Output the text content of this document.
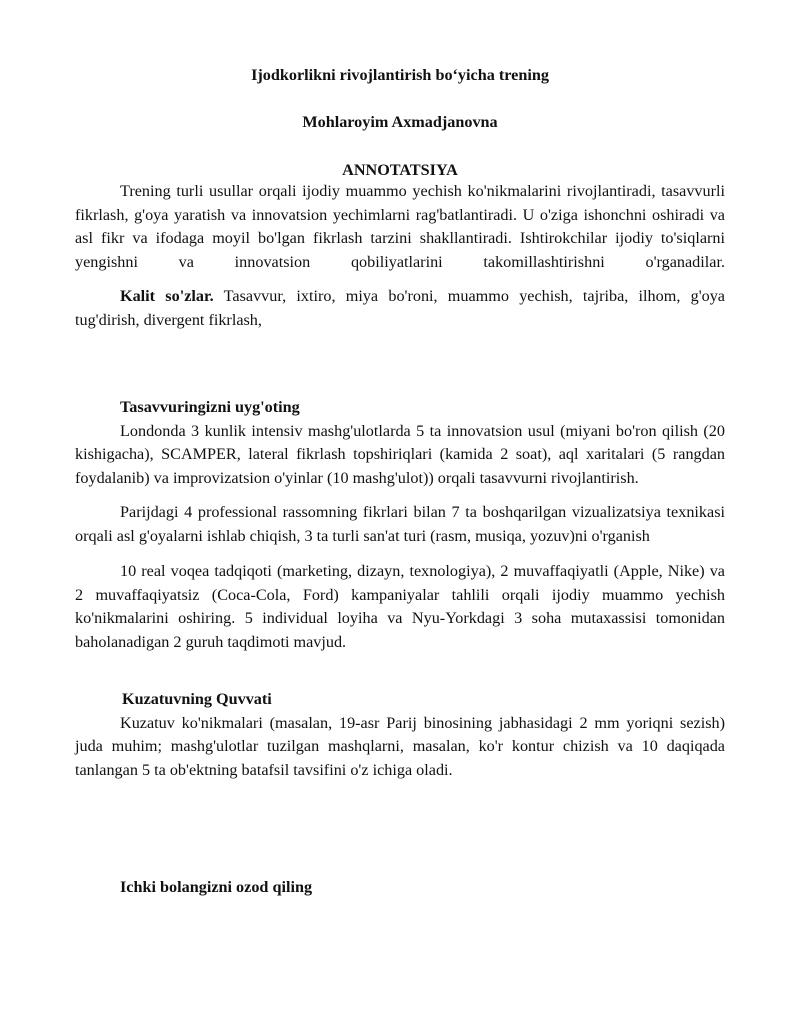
Ijodkorlikni rivojlantirish bo‘yicha trening
Mohlaroyim Axmadjanovna
ANNOTATSIYA

Trening turli usullar orqali ijodiy muammo yechish ko'nikmalarini rivojlantiradi, tasavvurli fikrlash, g'oya yaratish va innovatsion yechimlarni rag'batlantiradi. U o'ziga ishonchni oshiradi va asl fikr va ifodaga moyil bo'lgan fikrlash tarzini shakllantiradi. Ishtirokchilar ijodiy to'siqlarni yengishni va innovatsion qobiliyatlarini takomillashtirishni o'rganadilar.

Kalit so'zlar. Tasavvur, ixtiro, miya bo'roni, muammo yechish, tajriba, ilhom, g'oya tug'dirish, divergent fikrlash,

Tasavvuringizni uyg'oting

Londonda 3 kunlik intensiv mashg'ulotlarda 5 ta innovatsion usul (miyani bo'ron qilish (20 kishigacha), SCAMPER, lateral fikrlash topshiriqlari (kamida 2 soat), aql xaritalari (5 rangdan foydalanib) va improvizatsion o'yinlar (10 mashg'ulot)) orqali tasavvurni rivojlantirish.

Parijdagi 4 professional rassomning fikrlari bilan 7 ta boshqarilgan vizualizatsiya texnikasi orqali asl g'oyalarni ishlab chiqish, 3 ta turli san'at turi (rasm, musiqa, yozuv)ni o'rganish

10 real voqea tadqiqoti (marketing, dizayn, texnologiya), 2 muvaffaqiyatli (Apple, Nike) va 2 muvaffaqiyatsiz (Coca-Cola, Ford) kampaniyalar tahlili orqali ijodiy muammo yechish ko'nikmalarini oshiring. 5 individual loyiha va Nyu-Yorkdagi 3 soha mutaxassisi tomonidan baholanadigan 2 guruh taqdimoti mavjud.

Kuzatuvning Quvvati

Kuzatuv ko'nikmalari (masalan, 19-asr Parij binosining jabhasidagi 2 mm yoriqni sezish) juda muhim; mashg'ulotlar tuzilgan mashqlarni, masalan, ko'r kontur chizish va 10 daqiqada tanlangan 5 ta ob'ektning batafsil tavsifini o'z ichiga oladi.

Ichki bolangizni ozod qiling
